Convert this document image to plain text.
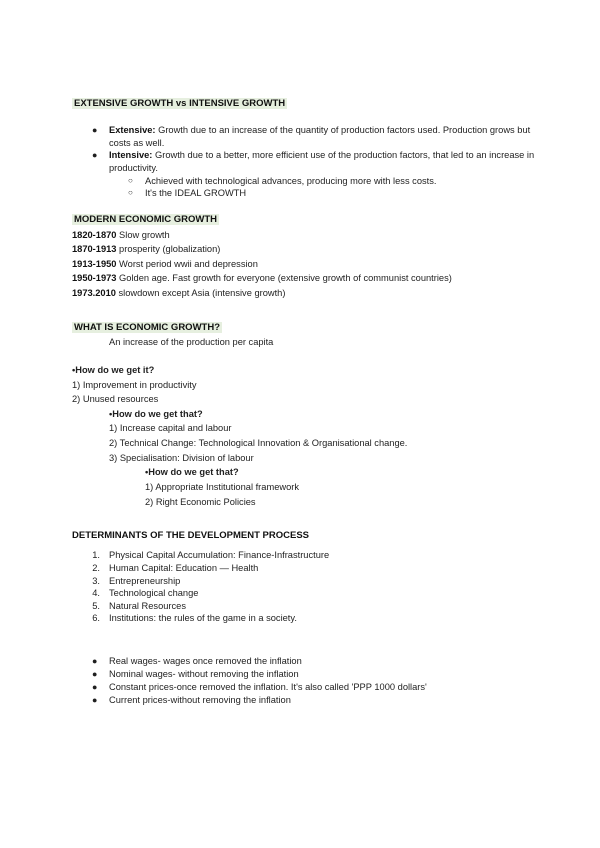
EXTENSIVE GROWTH vs INTENSIVE GROWTH
● Extensive: Growth due to an increase of the quantity of production factors used. Production grows but costs as well.
● Intensive: Growth due to a better, more efficient use of the production factors, that led to an increase in productivity.
○ Achieved with technological advances, producing more with less costs.
○ It's the IDEAL GROWTH
MODERN ECONOMIC GROWTH
1820-1870 Slow growth
1870-1913 prosperity (globalization)
1913-1950 Worst period wwii and depression
1950-1973 Golden age. Fast growth for everyone (extensive growth of communist countries)
1973.2010 slowdown except Asia (intensive growth)
WHAT IS ECONOMIC GROWTH?
An increase of the production per capita
•How do we get it?
1) Improvement in productivity
2) Unused resources
•How do we get that?
1) Increase capital and labour
2) Technical Change: Technological Innovation & Organisational change.
3) Specialisation: Division of labour
•How do we get that?
1) Appropriate Institutional framework
2) Right Economic Policies
DETERMINANTS OF THE DEVELOPMENT PROCESS
1. Physical Capital Accumulation: Finance-Infrastructure
2. Human Capital: Education — Health
3. Entrepreneurship
4. Technological change
5. Natural Resources
6. Institutions: the rules of the game in a society.
● Real wages- wages once removed the inflation
● Nominal wages- without removing the inflation
● Constant prices-once removed the inflation. It's also called 'PPP 1000 dollars'
● Current prices-without removing the inflation
